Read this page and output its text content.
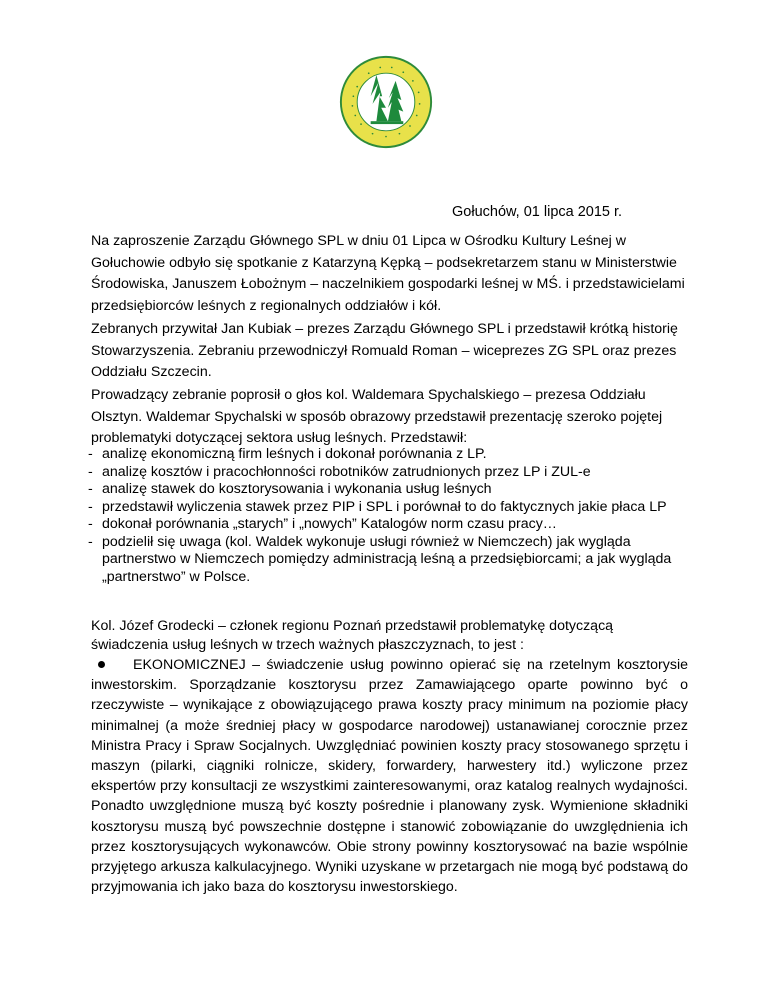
Gołuchów, 01 lipca 2015 r.

Na zaproszenie Zarządu Głównego SPL w dniu 01 Lipca w Ośrodku Kultury Leśnej w Gołuchowie odbyło się spotkanie z Katarzyną Kępką – podsekretarzem stanu w Ministerstwie Środowiska, Januszem Łobożnym – naczelnikiem gospodarki leśnej w MŚ. i przedstawicielami przedsiębiorców leśnych z regionalnych oddziałów i kół.

Zebranych przywitał Jan Kubiak – prezes Zarządu Głównego SPL i przedstawił krótką historię Stowarzyszenia. Zebraniu przewodniczył Romuald Roman – wiceprezes ZG SPL oraz prezes Oddziału Szczecin.

Prowadzący zebranie poprosił o głos kol. Waldemara Spychalskiego – prezesa Oddziału Olsztyn. Waldemar Spychalski w sposób obrazowy przedstawił prezentację szeroko pojętej problematyki dotyczącej sektora usług leśnych. Przedstawił:

- analizę ekonomiczną firm leśnych i dokonał porównania z LP.
- analizę kosztów i pracochłonności robotników zatrudnionych przez LP i ZUL-e
- analizę stawek do kosztorysowania i wykonania usług leśnych
- przedstawił wyliczenia stawek przez PIP i SPL i porównał to do faktycznych jakie płaca LP
- dokonał porównania „starych” i „nowych” Katalogów norm czasu pracy…
- podzielił się uwaga (kol. Waldek wykonuje usługi również w Niemczech) jak wygląda partnerstwo w Niemczech pomiędzy administracją leśną a przedsiębiorcami; a jak wygląda „partnerstwo” w Polsce.

Kol. Józef Grodecki – członek regionu Poznań przedstawił problematykę dotyczącą świadczenia usług leśnych w trzech ważnych płaszczyznach, to jest :

EKONOMICZNEJ – świadczenie usług powinno opierać się na rzetelnym kosztorysie inwestorskim. Sporządzanie kosztorysu przez Zamawiającego oparte powinno być o rzeczywiste – wynikające z obowiązującego prawa koszty pracy minimum na poziomie płacy minimalnej (a może średniej płacy w gospodarce narodowej) ustanawianej corocznie przez Ministra Pracy i Spraw Socjalnych. Uwzględniać powinien koszty pracy stosowanego sprzętu i maszyn (pilarki, ciągniki rolnicze, skidery, forwardery, harwestery itd.) wyliczone przez ekspertów przy konsultacji ze wszystkimi zainteresowanymi, oraz katalog realnych wydajności. Ponadto uwzględnione muszą być koszty pośrednie i planowany zysk. Wymienione składniki kosztorysu muszą być powszechnie dostępne i stanowić zobowiązanie do uwzględnienia ich przez kosztorysujących wykonawców. Obie strony powinny kosztorysować na bazie wspólnie przyjętego arkusza kalkulacyjnego. Wyniki uzyskane w przetargach nie mogą być podstawą do przyjmowania ich jako baza do kosztorysu inwestorskiego.
